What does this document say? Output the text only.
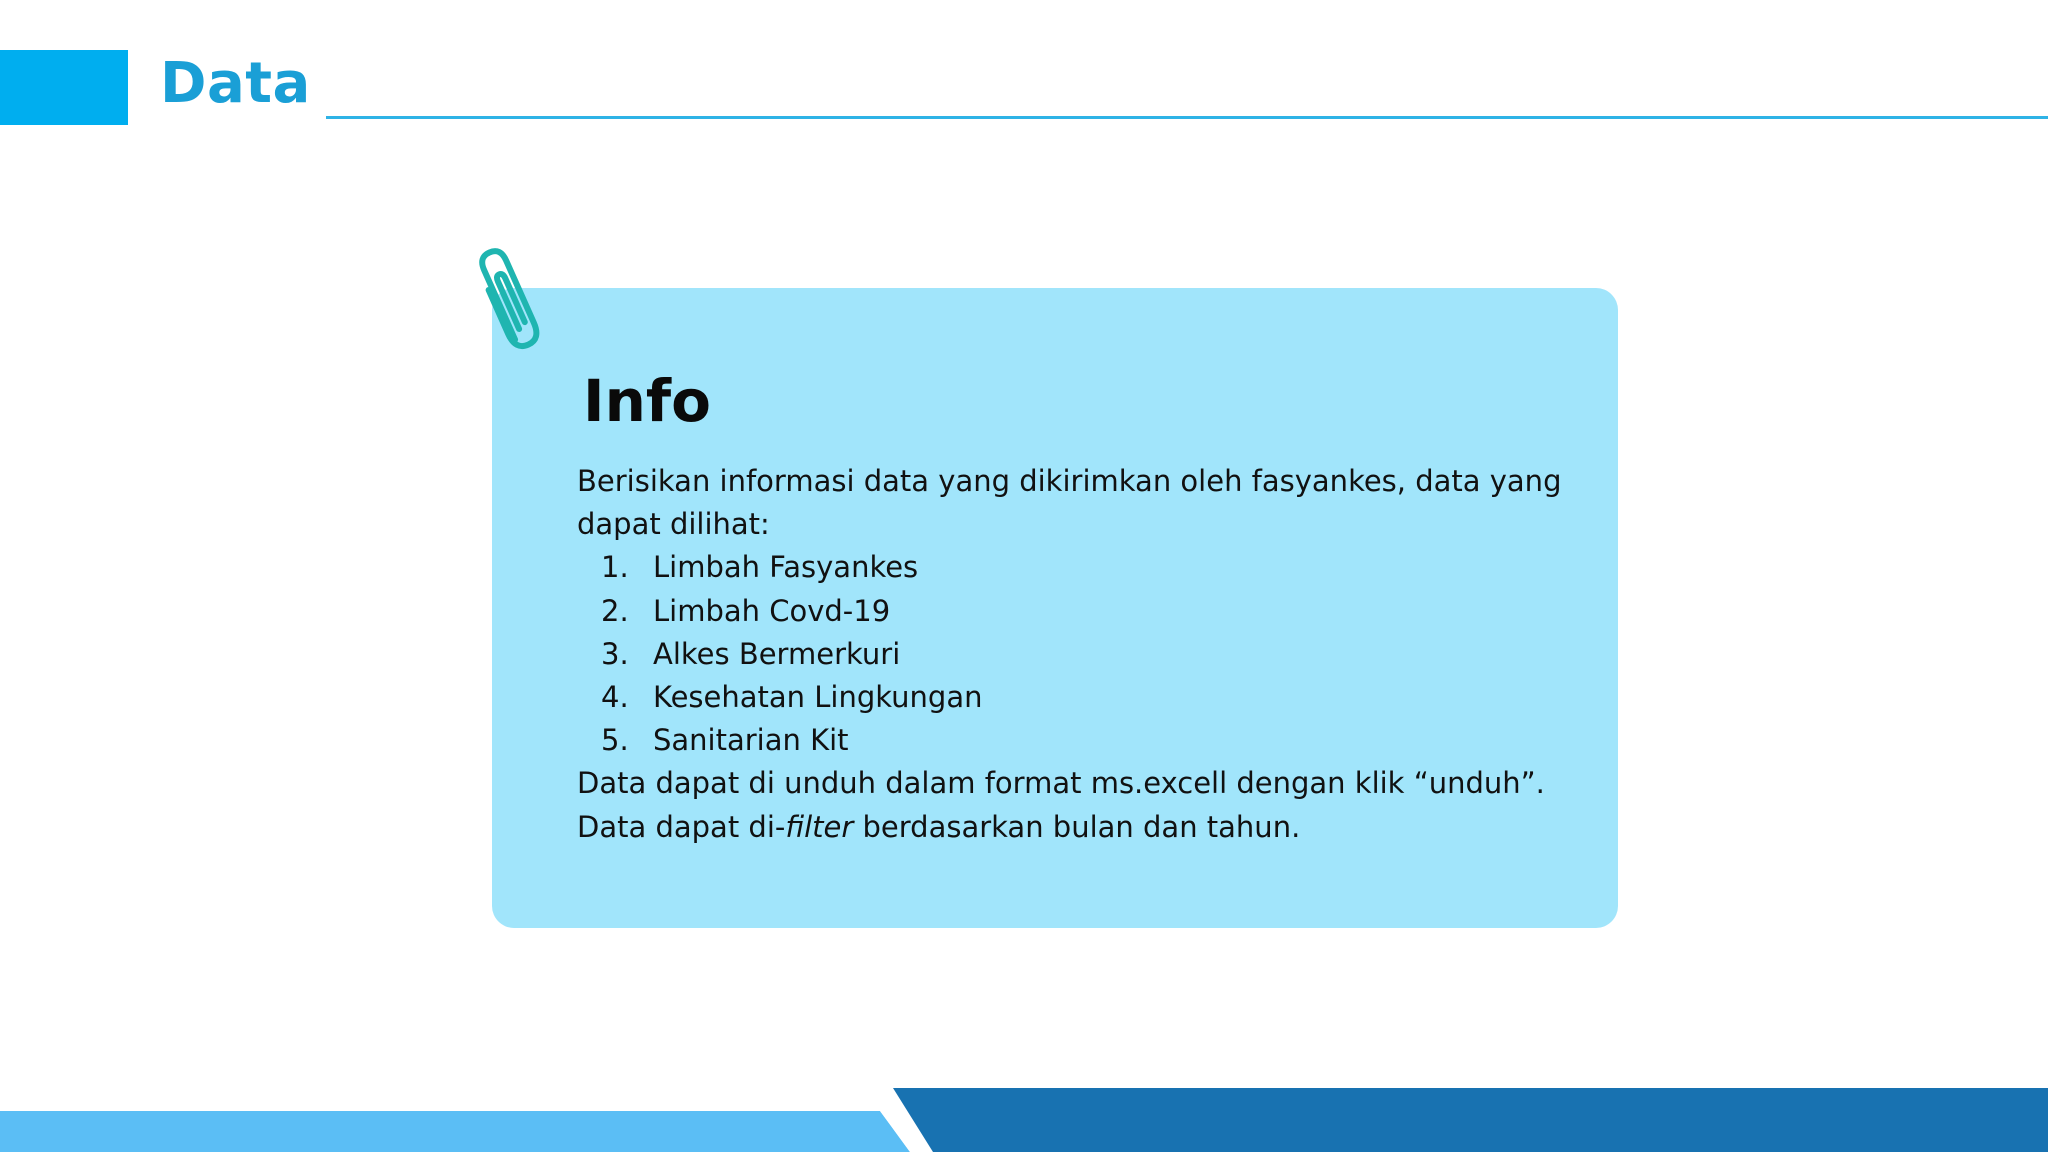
Data
Info

Berisikan informasi data yang dikirimkan oleh fasyankes, data yang dapat dilihat:

1. Limbah Fasyankes
2. Limbah Covd-19
3. Alkes Bermerkuri
4. Kesehatan Lingkungan
5. Sanitarian Kit

Data dapat di unduh dalam format ms.excell dengan klik “unduh”.

Data dapat di-filter berdasarkan bulan dan tahun.
